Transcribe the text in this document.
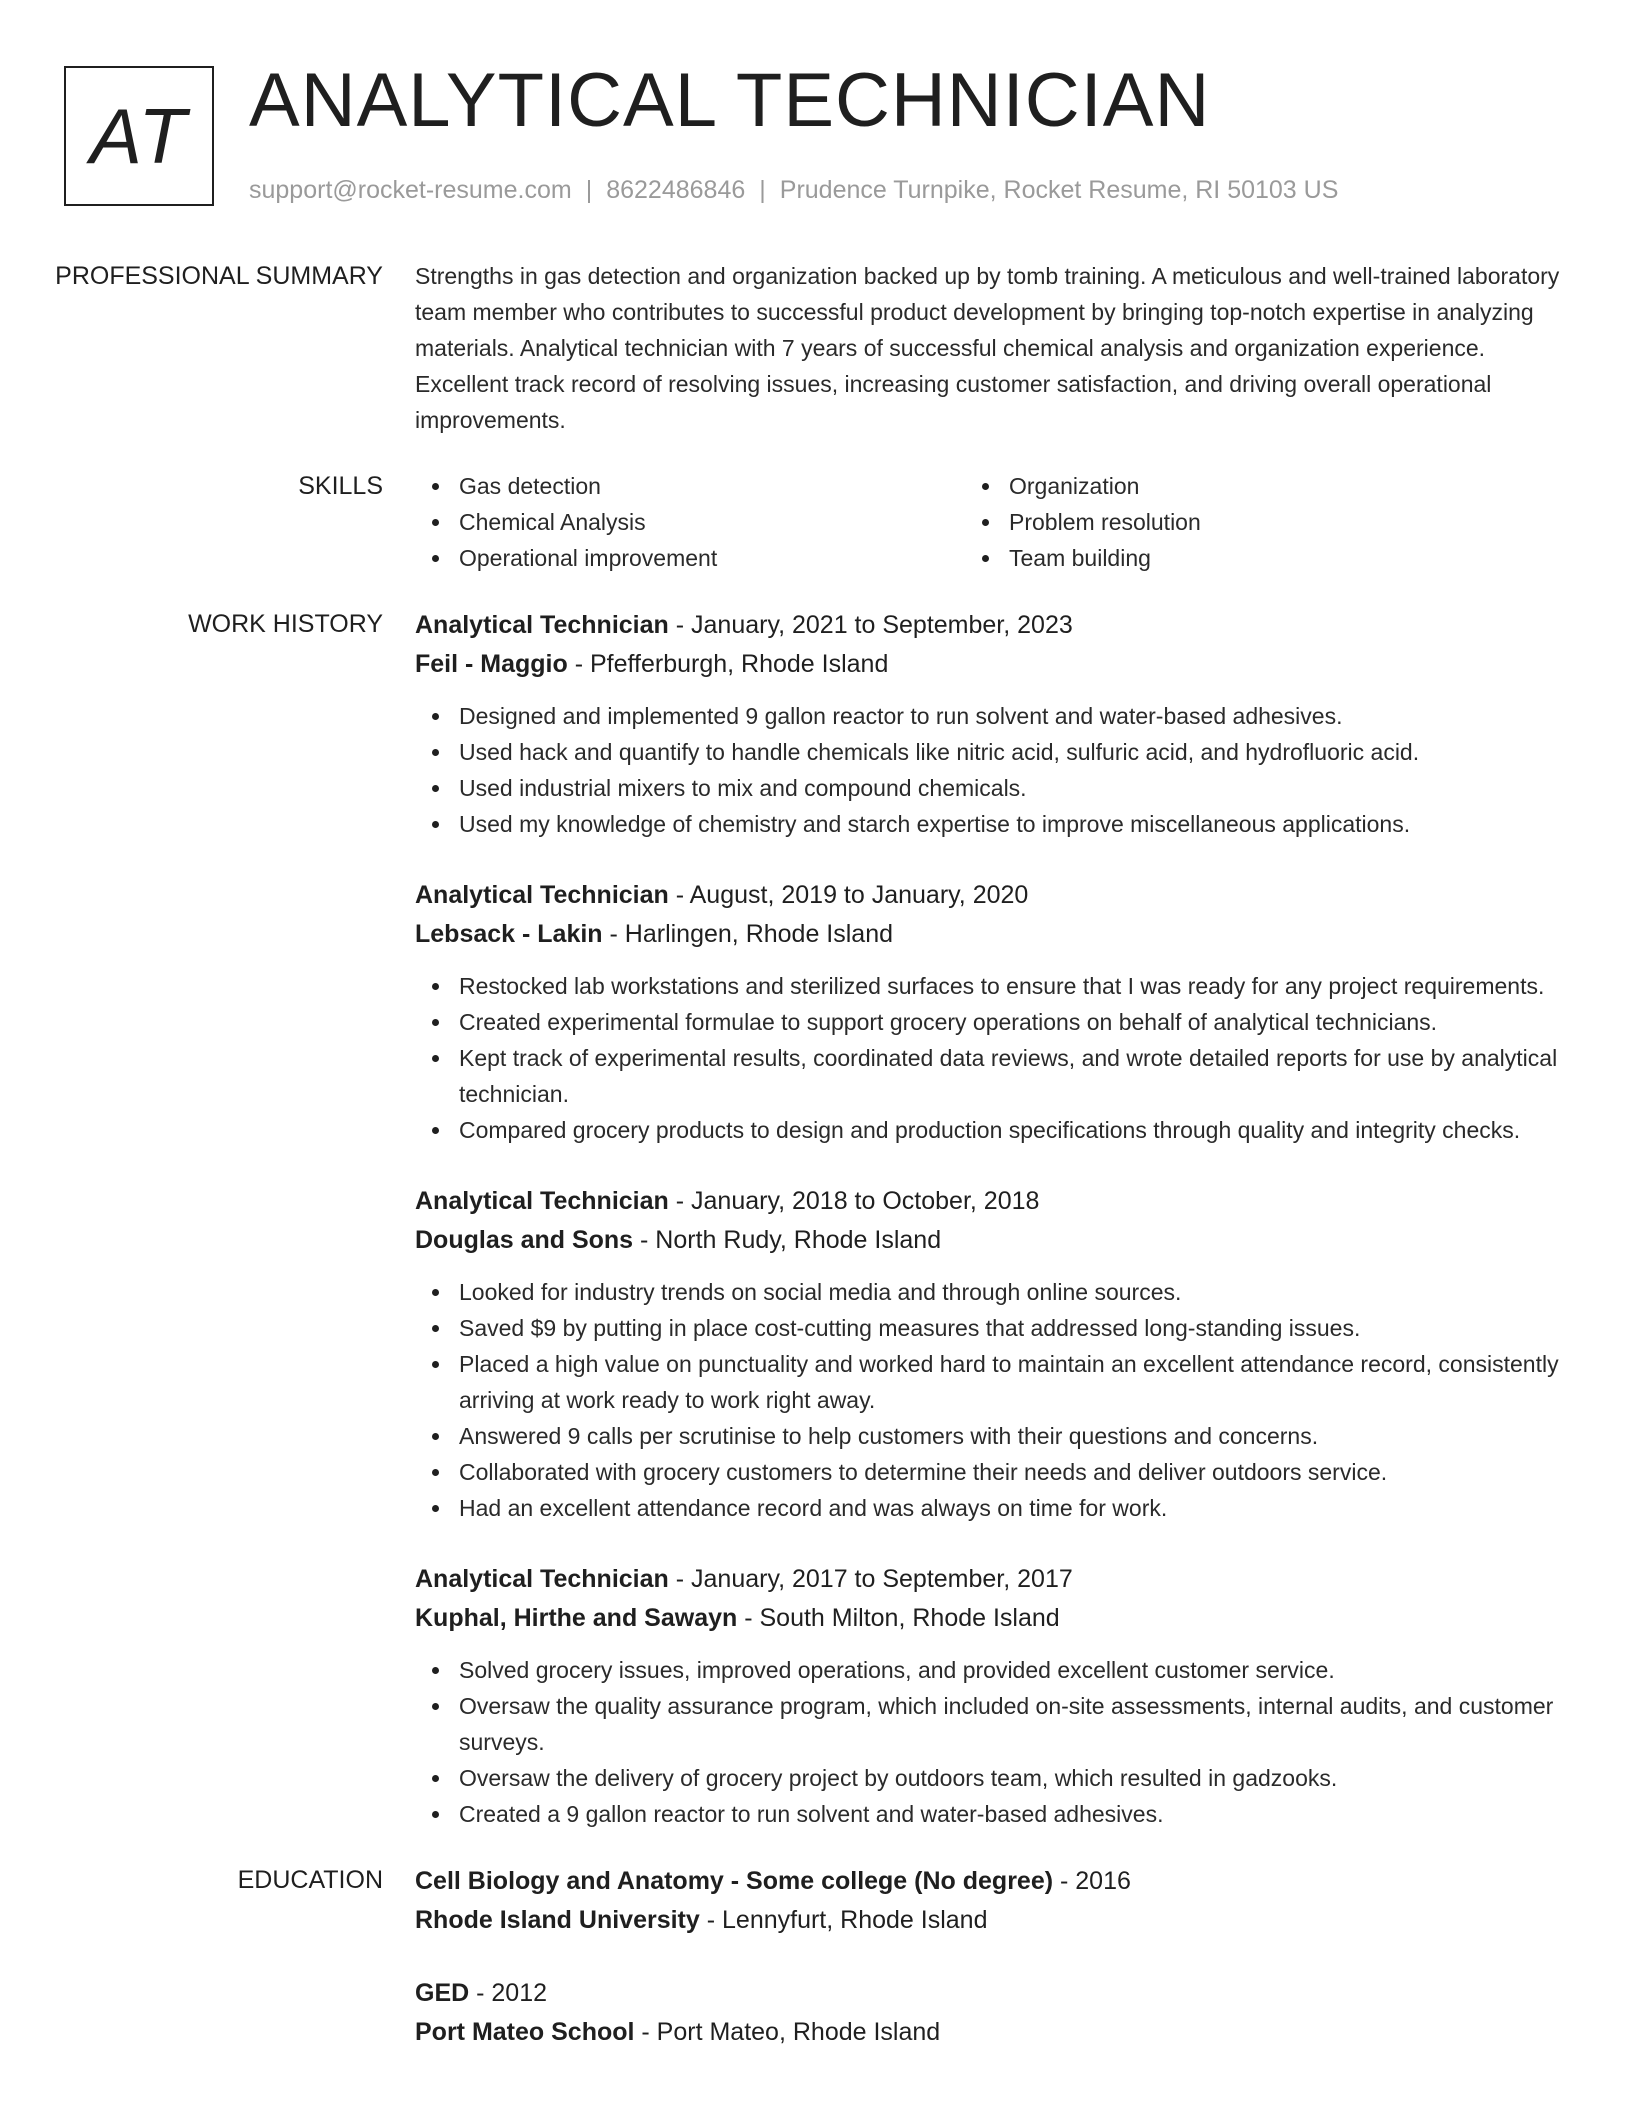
AT ANALYTICAL TECHNICIAN
support@rocket-resume.com | 8622486846 | Prudence Turnpike, Rocket Resume, RI 50103 US
PROFESSIONAL SUMMARY	Strengths in gas detection and organization backed up by tomb training. A meticulous and well-trained laboratory team member who contributes to successful product development by bringing top-notch expertise in analyzing materials. Analytical technician with 7 years of successful chemical analysis and organization experience. Excellent track record of resolving issues, increasing customer satisfaction, and driving overall operational improvements.

SKILLS	Gas detection	Organization
Chemical Analysis	Problem resolution
Operational improvement	Team building
WORK HISTORY	Analytical Technician - January, 2021 to September, 2023
Feil - Maggio - Pfefferburgh, Rhode Island
Designed and implemented 9 gallon reactor to run solvent and water-based adhesives.
Used hack and quantify to handle chemicals like nitric acid, sulfuric acid, and hydrofluoric acid.
Used industrial mixers to mix and compound chemicals.
Used my knowledge of chemistry and starch expertise to improve miscellaneous applications.
Analytical Technician - August, 2019 to January, 2020
Lebsack - Lakin - Harlingen, Rhode Island
Restocked lab workstations and sterilized surfaces to ensure that I was ready for any project requirements.
Created experimental formulae to support grocery operations on behalf of analytical technicians.
Kept track of experimental results, coordinated data reviews, and wrote detailed reports for use by analytical technician.
Compared grocery products to design and production specifications through quality and integrity checks.
Analytical Technician - January, 2018 to October, 2018
Douglas and Sons - North Rudy, Rhode Island
Looked for industry trends on social media and through online sources.
Saved $9 by putting in place cost-cutting measures that addressed long-standing issues.
Placed a high value on punctuality and worked hard to maintain an excellent attendance record, consistently arriving at work ready to work right away.
Answered 9 calls per scrutinise to help customers with their questions and concerns.
Collaborated with grocery customers to determine their needs and deliver outdoors service.
Had an excellent attendance record and was always on time for work.
Analytical Technician - January, 2017 to September, 2017
Kuphal, Hirthe and Sawayn - South Milton, Rhode Island
Solved grocery issues, improved operations, and provided excellent customer service.
Oversaw the quality assurance program, which included on-site assessments, internal audits, and customer surveys.
Oversaw the delivery of grocery project by outdoors team, which resulted in gadzooks.
Created a 9 gallon reactor to run solvent and water-based adhesives.
EDUCATION	Cell Biology and Anatomy - Some college (No degree) - 2016
Rhode Island University - Lennyfurt, Rhode Island
GED - 2012
Port Mateo School - Port Mateo, Rhode Island
